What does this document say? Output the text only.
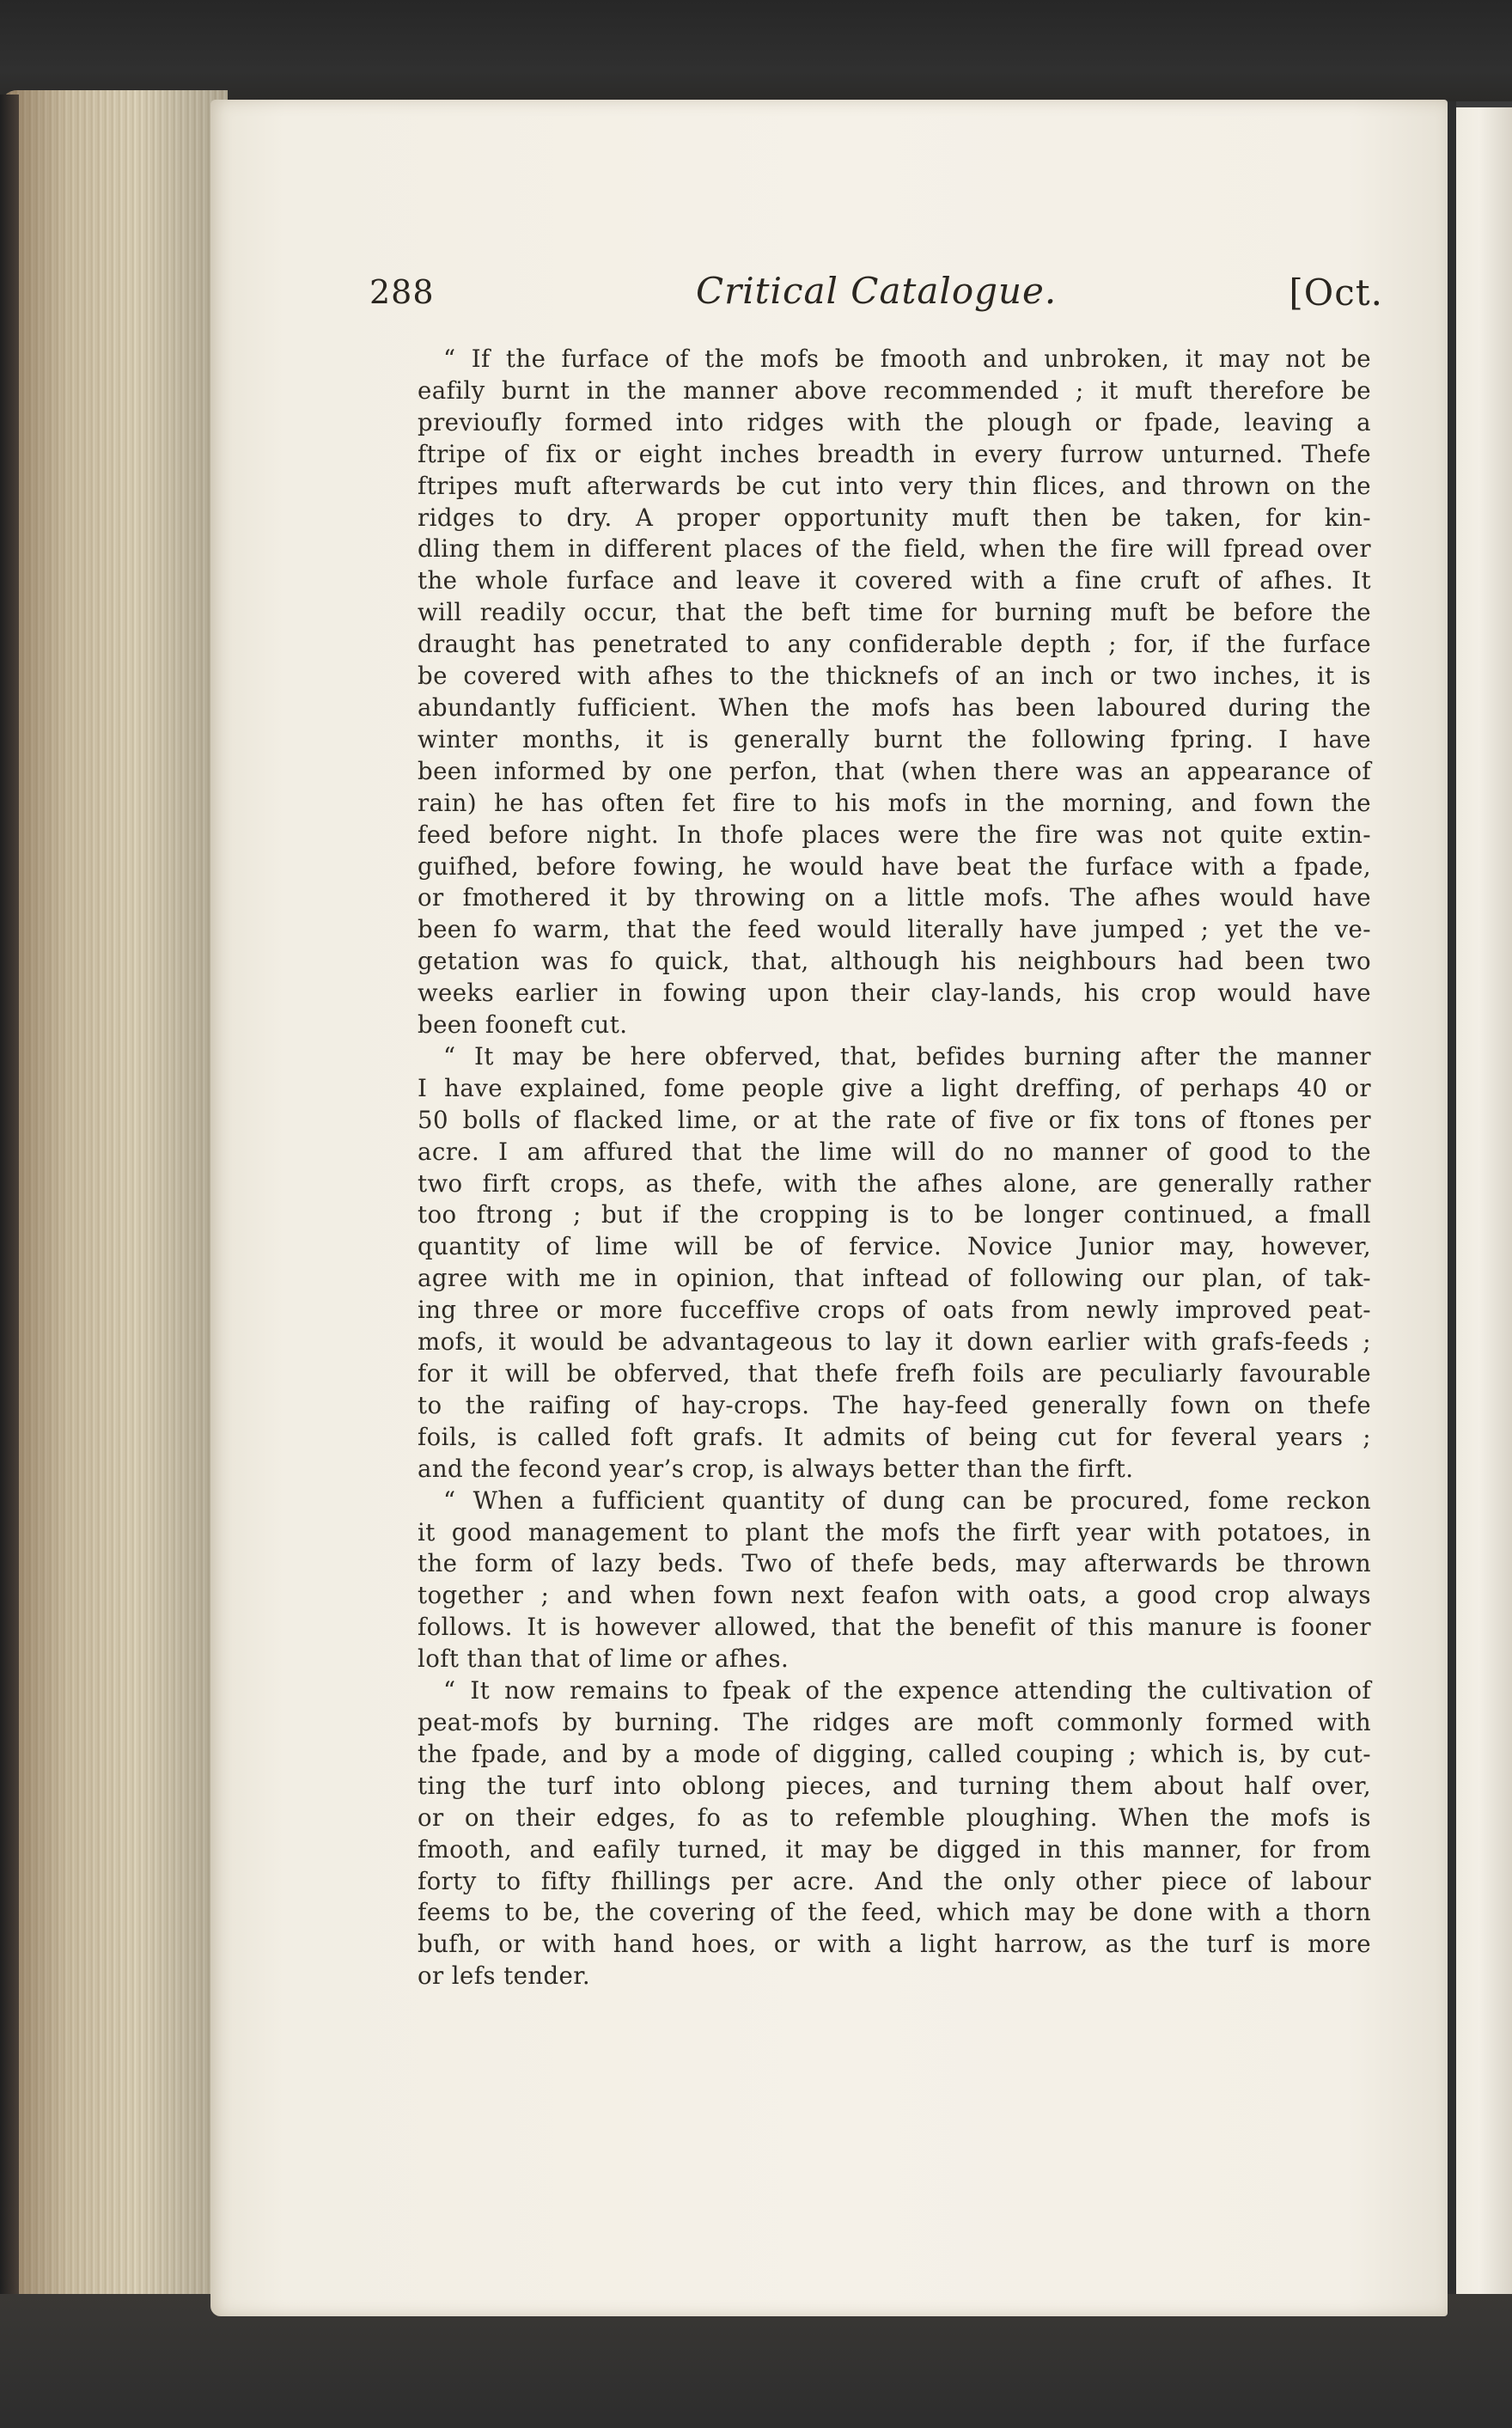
288	Critical Catalogue.	[Oct.
“ If the furface of the mofs be fmooth and unbroken, it may not be
eafily burnt in the manner above recommended ; it muft therefore be
previoufly formed into ridges with the plough or fpade, leaving a
ftripe of fix or eight inches breadth in every furrow unturned. Thefe
ftripes muft afterwards be cut into very thin flices, and thrown on the
ridges to dry. A proper opportunity muft then be taken, for kin-
dling them in different places of the field, when the fire will fpread over
the whole furface and leave it covered with a fine cruft of afhes. It
will readily occur, that the beft time for burning muft be before the
draught has penetrated to any confiderable depth ; for, if the furface
be covered with afhes to the thicknefs of an inch or two inches, it is
abundantly fufficient. When the mofs has been laboured during the
winter months, it is generally burnt the following fpring. I have
been informed by one perfon, that (when there was an appearance of
rain) he has often fet fire to his mofs in the morning, and fown the
feed before night. In thofe places were the fire was not quite extin-
guifhed, before fowing, he would have beat the furface with a fpade,
or fmothered it by throwing on a little mofs. The afhes would have
been fo warm, that the feed would literally have jumped ; yet the ve-
getation was fo quick, that, although his neighbours had been two
weeks earlier in fowing upon their clay-lands, his crop would have
been fooneft cut.
“ It may be here obferved, that, befides burning after the manner
I have explained, fome people give a light dreffing, of perhaps 40 or
50 bolls of flacked lime, or at the rate of five or fix tons of ftones per
acre. I am affured that the lime will do no manner of good to the
two firft crops, as thefe, with the afhes alone, are generally rather
too ftrong ; but if the cropping is to be longer continued, a fmall
quantity of lime will be of fervice. Novice Junior may, however,
agree with me in opinion, that inftead of following our plan, of tak-
ing three or more fucceffive crops of oats from newly improved peat-
mofs, it would be advantageous to lay it down earlier with grafs-feeds ;
for it will be obferved, that thefe frefh foils are peculiarly favourable
to the raifing of hay-crops. The hay-feed generally fown on thefe
foils, is called foft grafs. It admits of being cut for feveral years ;
and the fecond year’s crop, is always better than the firft.
“ When a fufficient quantity of dung can be procured, fome reckon
it good management to plant the mofs the firft year with potatoes, in
the form of lazy beds. Two of thefe beds, may afterwards be thrown
together ; and when fown next feafon with oats, a good crop always
follows. It is however allowed, that the benefit of this manure is fooner
loft than that of lime or afhes.
“ It now remains to fpeak of the expence attending the cultivation of
peat-mofs by burning. The ridges are moft commonly formed with
the fpade, and by a mode of digging, called couping ; which is, by cut-
ting the turf into oblong pieces, and turning them about half over,
or on their edges, fo as to refemble ploughing. When the mofs is
fmooth, and eafily turned, it may be digged in this manner, for from
forty to fifty fhillings per acre. And the only other piece of labour
feems to be, the covering of the feed, which may be done with a thorn
bufh, or with hand hoes, or with a light harrow, as the turf is more
or lefs tender.
